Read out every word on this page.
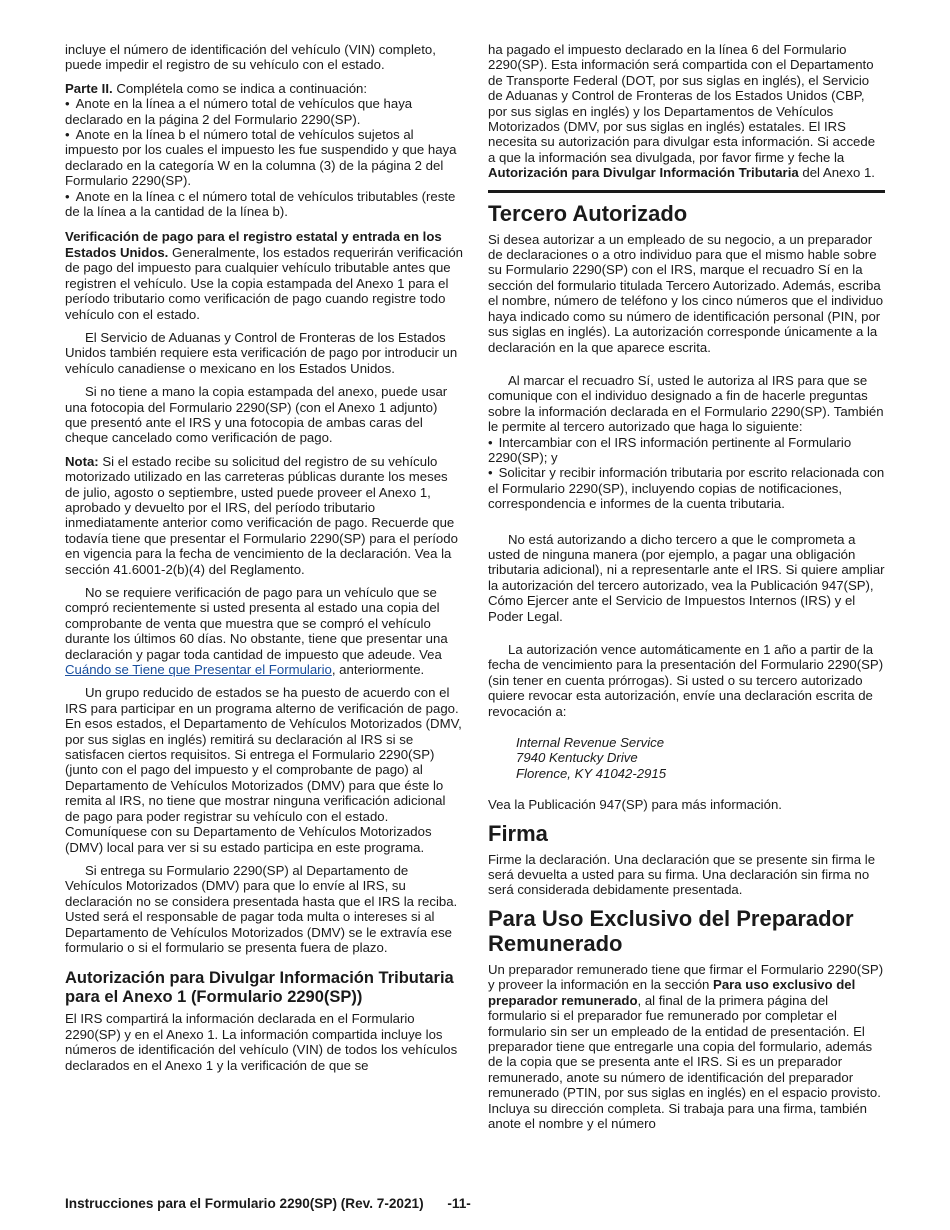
incluye el número de identificación del vehículo (VIN) completo, puede impedir el registro de su vehículo con el estado.

Parte II. Complétela como se indica a continuación:

• Anote en la línea a el número total de vehículos que haya declarado en la página 2 del Formulario 2290(SP).
• Anote en la línea b el número total de vehículos sujetos al impuesto por los cuales el impuesto les fue suspendido y que haya declarado en la categoría W en la columna (3) de la página 2 del Formulario 2290(SP).
• Anote en la línea c el número total de vehículos tributables (reste de la línea a la cantidad de la línea b).

Verificación de pago para el registro estatal y entrada en los Estados Unidos. Generalmente, los estados requerirán verificación de pago del impuesto para cualquier vehículo tributable antes que registren el vehículo. Use la copia estampada del Anexo 1 para el período tributario como verificación de pago cuando registre todo vehículo con el estado.

El Servicio de Aduanas y Control de Fronteras de los Estados Unidos también requiere esta verificación de pago por introducir un vehículo canadiense o mexicano en los Estados Unidos.

Si no tiene a mano la copia estampada del anexo, puede usar una fotocopia del Formulario 2290(SP) (con el Anexo 1 adjunto) que presentó ante el IRS y una fotocopia de ambas caras del cheque cancelado como verificación de pago.

Nota: Si el estado recibe su solicitud del registro de su vehículo motorizado utilizado en las carreteras públicas durante los meses de julio, agosto o septiembre, usted puede proveer el Anexo 1, aprobado y devuelto por el IRS, del período tributario inmediatamente anterior como verificación de pago. Recuerde que todavía tiene que presentar el Formulario 2290(SP) para el período en vigencia para la fecha de vencimiento de la declaración. Vea la sección 41.6001-2(b)(4) del Reglamento.

No se requiere verificación de pago para un vehículo que se compró recientemente si usted presenta al estado una copia del comprobante de venta que muestra que se compró el vehículo durante los últimos 60 días. No obstante, tiene que presentar una declaración y pagar toda cantidad de impuesto que adeude. Vea Cuándo se Tiene que Presentar el Formulario, anteriormente.

Un grupo reducido de estados se ha puesto de acuerdo con el IRS para participar en un programa alterno de verificación de pago. En esos estados, el Departamento de Vehículos Motorizados (DMV, por sus siglas en inglés) remitirá su declaración al IRS si se satisfacen ciertos requisitos. Si entrega el Formulario 2290(SP) (junto con el pago del impuesto y el comprobante de pago) al Departamento de Vehículos Motorizados (DMV) para que éste lo remita al IRS, no tiene que mostrar ninguna verificación adicional de pago para poder registrar su vehículo con el estado. Comuníquese con su Departamento de Vehículos Motorizados (DMV) local para ver si su estado participa en este programa.

Si entrega su Formulario 2290(SP) al Departamento de Vehículos Motorizados (DMV) para que lo envíe al IRS, su declaración no se considera presentada hasta que el IRS la reciba. Usted será el responsable de pagar toda multa o intereses si al Departamento de Vehículos Motorizados (DMV) se le extravía ese formulario o si el formulario se presenta fuera de plazo.

Autorización para Divulgar Información Tributaria para el Anexo 1 (Formulario 2290(SP))

El IRS compartirá la información declarada en el Formulario 2290(SP) y en el Anexo 1. La información compartida incluye los números de identificación del vehículo (VIN) de todos los vehículos declarados en el Anexo 1 y la verificación de que se

ha pagado el impuesto declarado en la línea 6 del Formulario 2290(SP). Esta información será compartida con el Departamento de Transporte Federal (DOT, por sus siglas en inglés), el Servicio de Aduanas y Control de Fronteras de los Estados Unidos (CBP, por sus siglas en inglés) y los Departamentos de Vehículos Motorizados (DMV, por sus siglas en inglés) estatales. El IRS necesita su autorización para divulgar esta información. Si accede a que la información sea divulgada, por favor firme y feche la Autorización para Divulgar Información Tributaria del Anexo 1.

Tercero Autorizado

Si desea autorizar a un empleado de su negocio, a un preparador de declaraciones o a otro individuo para que el mismo hable sobre su Formulario 2290(SP) con el IRS, marque el recuadro Sí en la sección del formulario titulada Tercero Autorizado. Además, escriba el nombre, número de teléfono y los cinco números que el individuo haya indicado como su número de identificación personal (PIN, por sus siglas en inglés). La autorización corresponde únicamente a la declaración en la que aparece escrita.

Al marcar el recuadro Sí, usted le autoriza al IRS para que se comunique con el individuo designado a fin de hacerle preguntas sobre la información declarada en el Formulario 2290(SP). También le permite al tercero autorizado que haga lo siguiente:

• Intercambiar con el IRS información pertinente al Formulario 2290(SP); y
• Solicitar y recibir información tributaria por escrito relacionada con el Formulario 2290(SP), incluyendo copias de notificaciones, correspondencia e informes de la cuenta tributaria.

No está autorizando a dicho tercero a que le comprometa a usted de ninguna manera (por ejemplo, a pagar una obligación tributaria adicional), ni a representarle ante el IRS. Si quiere ampliar la autorización del tercero autorizado, vea la Publicación 947(SP), Cómo Ejercer ante el Servicio de Impuestos Internos (IRS) y el Poder Legal.

La autorización vence automáticamente en 1 año a partir de la fecha de vencimiento para la presentación del Formulario 2290(SP) (sin tener en cuenta prórrogas). Si usted o su tercero autorizado quiere revocar esta autorización, envíe una declaración escrita de revocación a:

Internal Revenue Service
7940 Kentucky Drive
Florence, KY 41042-2915

Vea la Publicación 947(SP) para más información.

Firma

Firme la declaración. Una declaración que se presente sin firma le será devuelta a usted para su firma. Una declaración sin firma no será considerada debidamente presentada.

Para Uso Exclusivo del Preparador Remunerado

Un preparador remunerado tiene que firmar el Formulario 2290(SP) y proveer la información en la sección Para uso exclusivo del preparador remunerado, al final de la primera página del formulario si el preparador fue remunerado por completar el formulario sin ser un empleado de la entidad de presentación. El preparador tiene que entregarle una copia del formulario, además de la copia que se presenta ante el IRS. Si es un preparador remunerado, anote su número de identificación del preparador remunerado (PTIN, por sus siglas en inglés) en el espacio provisto. Incluya su dirección completa. Si trabaja para una firma, también anote el nombre y el número

Instrucciones para el Formulario 2290(SP) (Rev. 7-2021) -11-
